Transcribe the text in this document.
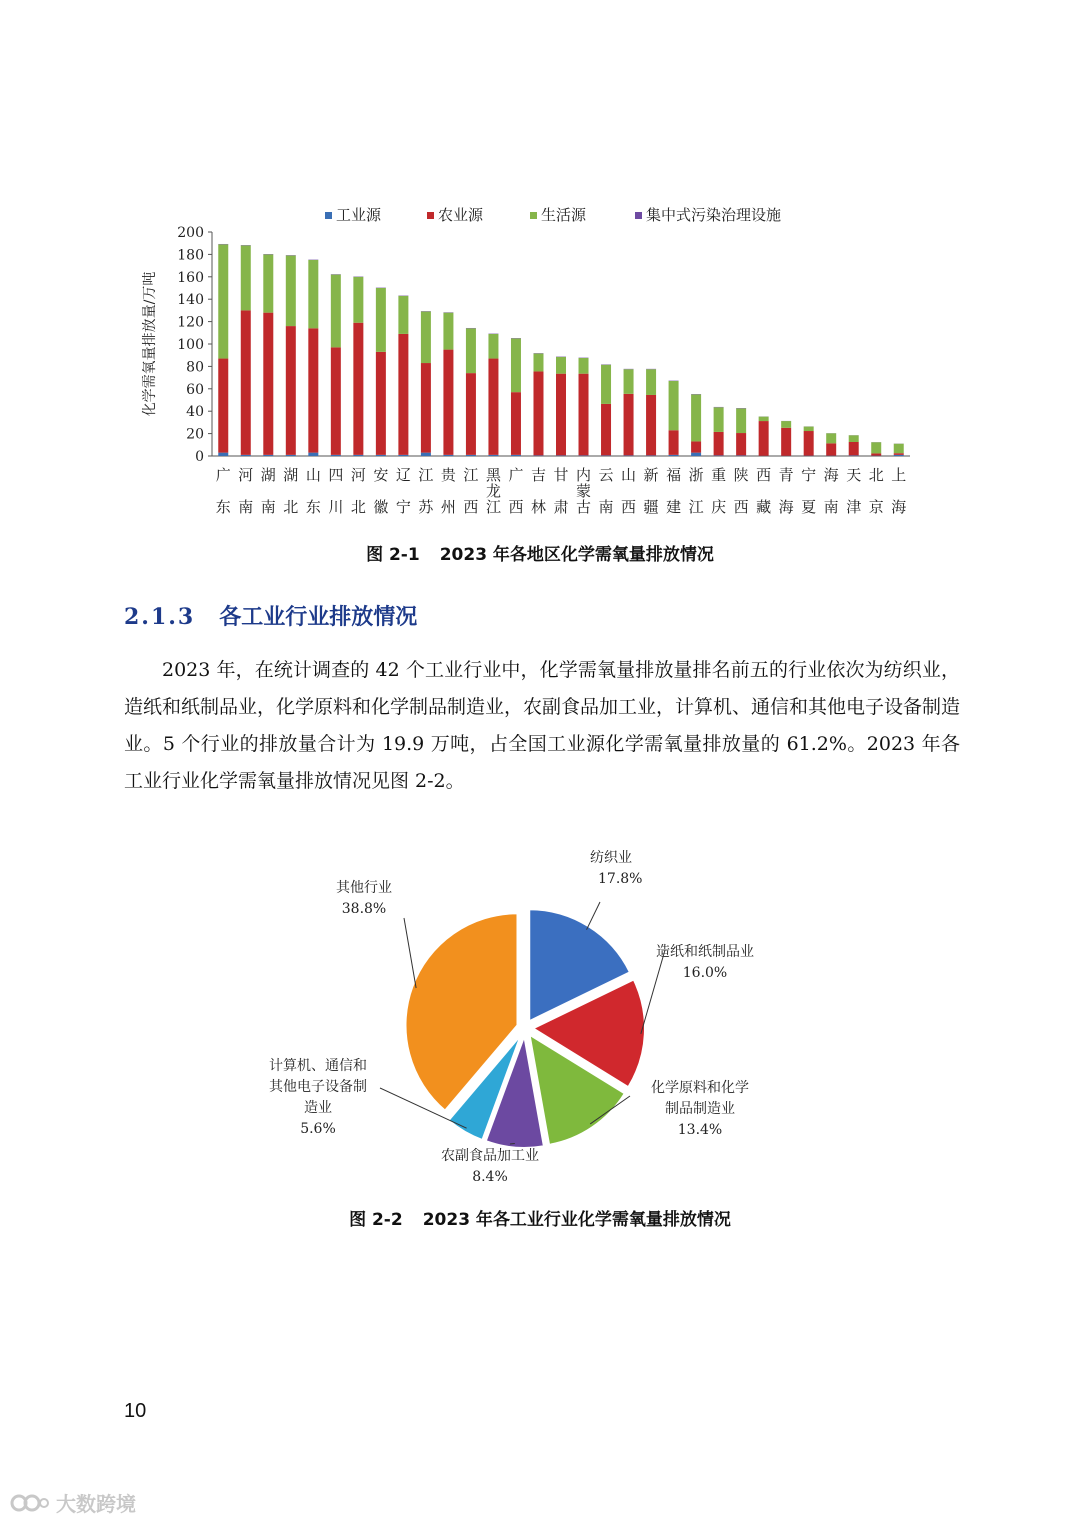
工业源	农业源	生活源	集中式污染治理设施
0
20
40
60
80
100
120
140
160
180
200
化学需氧量排放量/万吨
广东
河南
湖南
湖北
山东
四川
河北
安徽
辽宁
江苏
贵州
江西
黑龙江
广西
吉林
甘肃
内蒙古
云南
山西
新疆
福建
浙江
重庆
陕西
西藏
青海
宁夏
海南
天津
北京
上海
图 2-1 2023 年各地区化学需氧量排放情况
2.1.3 各工业行业排放情况

2023 年，在统计调查的 42 个工业行业中，化学需氧量排放量排名前五的行业依次为纺织业，造纸和纸制品业，化学原料和化学制品制造业，农副食品加工业，计算机、通信和其他电子设备制造业。5 个行业的排放量合计为 19.9 万吨，占全国工业源化学需氧量排放量的 61.2%。2023 年各工业行业化学需氧量排放情况见图 2-2。

纺织业 17.8%
造纸和纸制品业 16.0%
化学原料和化学制品制造业 13.4%
农副食品加工业 8.4%
计算机、通信和其他电子设备制造业 5.6%
其他行业 38.8%
图 2-2 2023 年各工业行业化学需氧量排放情况
10
大数跨境
